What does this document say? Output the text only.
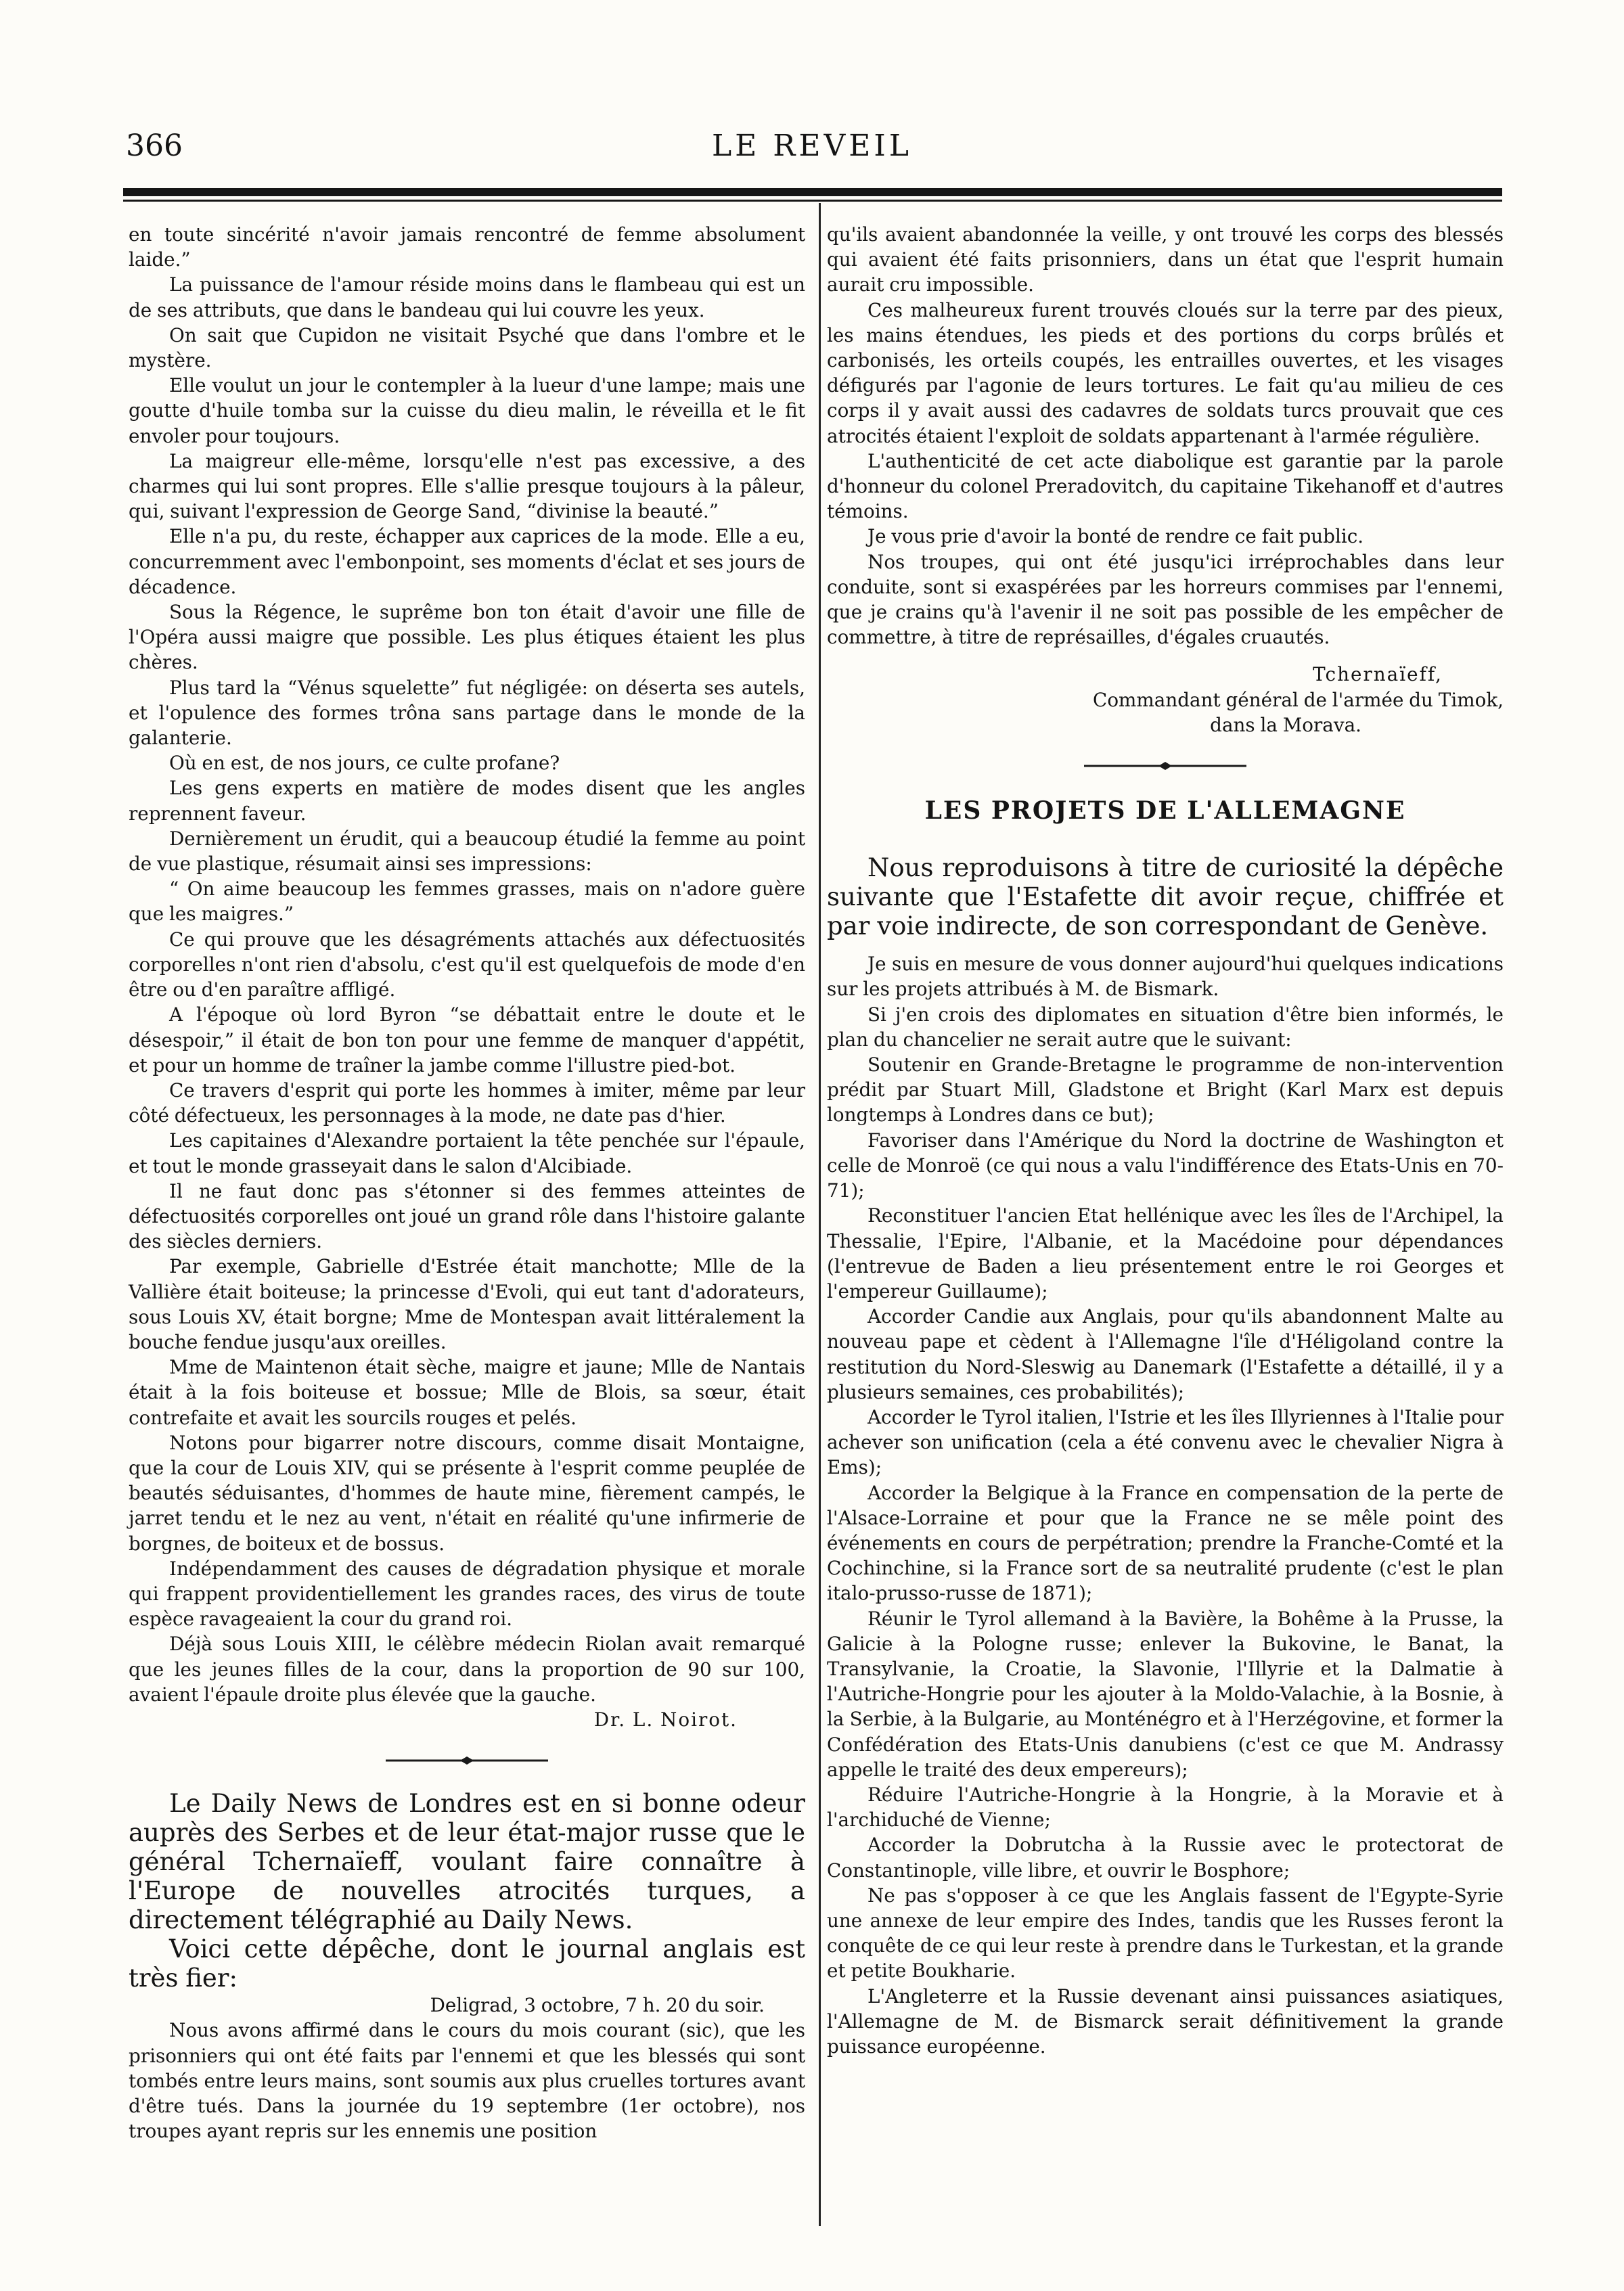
366	LE REVEIL

en toute sincérité n'avoir jamais rencontré de femme absolument laide.”

La puissance de l'amour réside moins dans le flambeau qui est un de ses attributs, que dans le bandeau qui lui couvre les yeux.

On sait que Cupidon ne visitait Psyché que dans l'ombre et le mystère.

Elle voulut un jour le contempler à la lueur d'une lampe; mais une goutte d'huile tomba sur la cuisse du dieu malin, le réveilla et le fit envoler pour toujours.

La maigreur elle-même, lorsqu'elle n'est pas excessive, a des charmes qui lui sont propres. Elle s'allie presque toujours à la pâleur, qui, suivant l'expression de George Sand, “divinise la beauté.”

Elle n'a pu, du reste, échapper aux caprices de la mode. Elle a eu, concurremment avec l'embonpoint, ses moments d'éclat et ses jours de décadence.

Sous la Régence, le suprême bon ton était d'avoir une fille de l'Opéra aussi maigre que possible. Les plus étiques étaient les plus chères.

Plus tard la “Vénus squelette” fut négligée: on déserta ses autels, et l'opulence des formes trôna sans partage dans le monde de la galanterie.

Où en est, de nos jours, ce culte profane?

Les gens experts en matière de modes disent que les angles reprennent faveur.

Dernièrement un érudit, qui a beaucoup étudié la femme au point de vue plastique, résumait ainsi ses impressions:

“ On aime beaucoup les femmes grasses, mais on n'adore guère que les maigres.”

Ce qui prouve que les désagréments attachés aux défectuosités corporelles n'ont rien d'absolu, c'est qu'il est quelquefois de mode d'en être ou d'en paraître affligé.

A l'époque où lord Byron “se débattait entre le doute et le désespoir,” il était de bon ton pour une femme de manquer d'appétit, et pour un homme de traîner la jambe comme l'illustre pied-bot.

Ce travers d'esprit qui porte les hommes à imiter, même par leur côté défectueux, les personnages à la mode, ne date pas d'hier.

Les capitaines d'Alexandre portaient la tête penchée sur l'épaule, et tout le monde grasseyait dans le salon d'Alcibiade.

Il ne faut donc pas s'étonner si des femmes atteintes de défectuosités corporelles ont joué un grand rôle dans l'histoire galante des siècles derniers.

Par exemple, Gabrielle d'Estrée était manchotte; Mlle de la Vallière était boiteuse; la princesse d'Evoli, qui eut tant d'adorateurs, sous Louis XV, était borgne; Mme de Montespan avait littéralement la bouche fendue jusqu'aux oreilles.

Mme de Maintenon était sèche, maigre et jaune; Mlle de Nantais était à la fois boiteuse et bossue; Mlle de Blois, sa sœur, était contrefaite et avait les sourcils rouges et pelés.

Notons pour bigarrer notre discours, comme disait Montaigne, que la cour de Louis XIV, qui se présente à l'esprit comme peuplée de beautés séduisantes, d'hommes de haute mine, fièrement campés, le jarret tendu et le nez au vent, n'était en réalité qu'une infirmerie de borgnes, de boiteux et de bossus.

Indépendamment des causes de dégradation physique et morale qui frappent providentiellement les grandes races, des virus de toute espèce ravageaient la cour du grand roi.

Déjà sous Louis XIII, le célèbre médecin Riolan avait remarqué que les jeunes filles de la cour, dans la proportion de 90 sur 100, avaient l'épaule droite plus élevée que la gauche.

Dr. L. Noirot.

Le Daily News de Londres est en si bonne odeur auprès des Serbes et de leur état-major russe que le général Tchernaïeff, voulant faire connaître à l'Europe de nouvelles atrocités turques, a directement télégraphié au Daily News.

Voici cette dépêche, dont le journal anglais est très fier:

Deligrad, 3 octobre, 7 h. 20 du soir.

Nous avons affirmé dans le cours du mois courant (sic), que les prisonniers qui ont été faits par l'ennemi et que les blessés qui sont tombés entre leurs mains, sont soumis aux plus cruelles tortures avant d'être tués. Dans la journée du 19 septembre (1er octobre), nos troupes ayant repris sur les ennemis une position

qu'ils avaient abandonnée la veille, y ont trouvé les corps des blessés qui avaient été faits prisonniers, dans un état que l'esprit humain aurait cru impossible.

Ces malheureux furent trouvés cloués sur la terre par des pieux, les mains étendues, les pieds et des portions du corps brûlés et carbonisés, les orteils coupés, les entrailles ouvertes, et les visages défigurés par l'agonie de leurs tortures. Le fait qu'au milieu de ces corps il y avait aussi des cadavres de soldats turcs prouvait que ces atrocités étaient l'exploit de soldats appartenant à l'armée régulière.

L'authenticité de cet acte diabolique est garantie par la parole d'honneur du colonel Preradovitch, du capitaine Tikehanoff et d'autres témoins.

Je vous prie d'avoir la bonté de rendre ce fait public.

Nos troupes, qui ont été jusqu'ici irréprochables dans leur conduite, sont si exaspérées par les horreurs commises par l'ennemi, que je crains qu'à l'avenir il ne soit pas possible de les empêcher de commettre, à titre de représailles, d'égales cruautés.

Tchernaïeff,

Commandant général de l'armée du Timok,

dans la Morava.

LES PROJETS DE L'ALLEMAGNE

Nous reproduisons à titre de curiosité la dépêche suivante que l'Estafette dit avoir reçue, chiffrée et par voie indirecte, de son correspondant de Genève.

Je suis en mesure de vous donner aujourd'hui quelques indications sur les projets attribués à M. de Bismark.

Si j'en crois des diplomates en situation d'être bien informés, le plan du chancelier ne serait autre que le suivant:

Soutenir en Grande-Bretagne le programme de non-intervention prédit par Stuart Mill, Gladstone et Bright (Karl Marx est depuis longtemps à Londres dans ce but);

Favoriser dans l'Amérique du Nord la doctrine de Washington et celle de Monroë (ce qui nous a valu l'indifférence des Etats-Unis en 70-71);

Reconstituer l'ancien Etat hellénique avec les îles de l'Archipel, la Thessalie, l'Epire, l'Albanie, et la Macédoine pour dépendances (l'entrevue de Baden a lieu présentement entre le roi Georges et l'empereur Guillaume);

Accorder Candie aux Anglais, pour qu'ils abandonnent Malte au nouveau pape et cèdent à l'Allemagne l'île d'Héligoland contre la restitution du Nord-Sleswig au Danemark (l'Estafette a détaillé, il y a plusieurs semaines, ces probabilités);

Accorder le Tyrol italien, l'Istrie et les îles Illyriennes à l'Italie pour achever son unification (cela a été convenu avec le chevalier Nigra à Ems);

Accorder la Belgique à la France en compensation de la perte de l'Alsace-Lorraine et pour que la France ne se mêle point des événements en cours de perpétration; prendre la Franche-Comté et la Cochinchine, si la France sort de sa neutralité prudente (c'est le plan italo-prusso-russe de 1871);

Réunir le Tyrol allemand à la Bavière, la Bohême à la Prusse, la Galicie à la Pologne russe; enlever la Bukovine, le Banat, la Transylvanie, la Croatie, la Slavonie, l'Illyrie et la Dalmatie à l'Autriche-Hongrie pour les ajouter à la Moldo-Valachie, à la Bosnie, à la Serbie, à la Bulgarie, au Monténégro et à l'Herzégovine, et former la Confédération des Etats-Unis danubiens (c'est ce que M. Andrassy appelle le traité des deux empereurs);

Réduire l'Autriche-Hongrie à la Hongrie, à la Moravie et à l'archiduché de Vienne;

Accorder la Dobrutcha à la Russie avec le protectorat de Constantinople, ville libre, et ouvrir le Bosphore;

Ne pas s'opposer à ce que les Anglais fassent de l'Egypte-Syrie une annexe de leur empire des Indes, tandis que les Russes feront la conquête de ce qui leur reste à prendre dans le Turkestan, et la grande et petite Boukharie.

L'Angleterre et la Russie devenant ainsi puissances asiatiques, l'Allemagne de M. de Bismarck serait définitivement la grande puissance européenne.
